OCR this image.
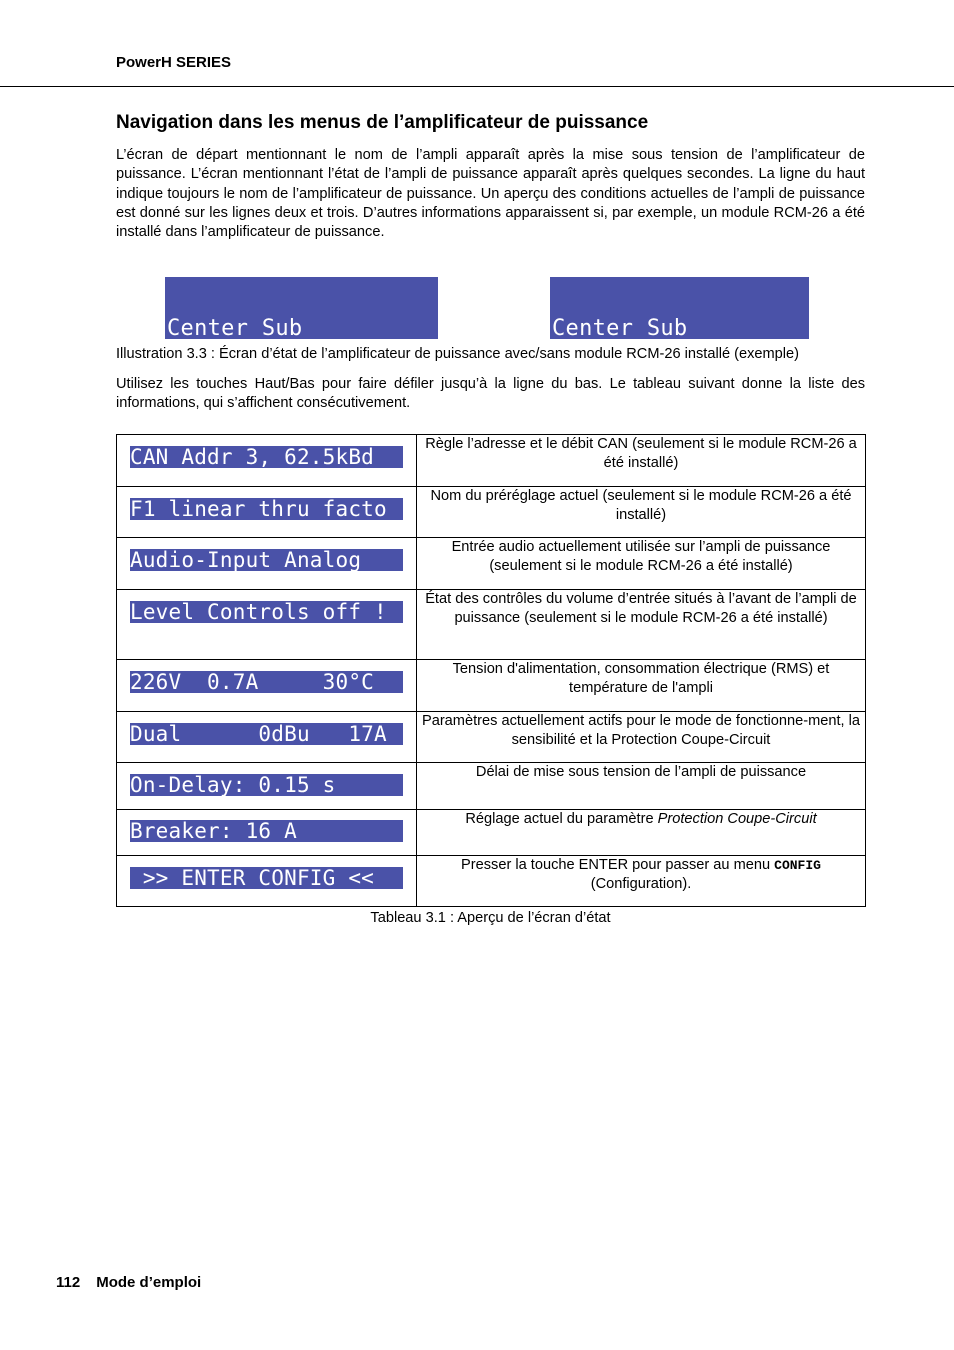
PowerH SERIES
Navigation dans les menus de l’amplificateur de puissance
L’écran de départ mentionnant le nom de l’ampli apparaît après la mise sous tension de l’amplificateur de puissance. L’écran mentionnant l’état de l’ampli de puissance apparaît après quelques secondes. La ligne du haut indique toujours le nom de l’amplificateur de puissance. Un aperçu des conditions actuelles de l’ampli de puissance est donné sur les lignes deux et trois. D’autres informations apparaissent si, par exemple, un module RCM-26 a été installé dans l’amplificateur de puissance.

Center Sub

	Center Sub

Illustration 3.3 : Écran d’état de l’amplificateur de puissance avec/sans module RCM-26 installé (exemple)
Utilisez les touches Haut/Bas pour faire défiler jusqu’à la ligne du bas. Le tableau suivant donne la liste des informations, qui s’affichent consécutivement.
CAN Addr 3, 62.5kBd	Règle l’adresse et le débit CAN (seulement si le module RCM-26 a été installé)

F1 linear thru facto	Nom du préréglage actuel (seulement si le module RCM-26 a été installé)

Audio-Input Analog	Entrée audio actuellement utilisée sur l’ampli de puissance (seulement si le module RCM-26 a été installé)

Level Controls off !	État des contrôles du volume d’entrée situés à l’avant de l’ampli de puissance (seulement si le module RCM-26 a été installé)

226V  0.7A     30°C	Tension d'alimentation, consommation électrique (RMS) et température de l'ampli

Dual      0dBu   17A	Paramètres actuellement actifs pour le mode de fonctionne-ment, la sensibilité et la Protection Coupe-Circuit

On-Delay: 0.15 s	Délai de mise sous tension de l’ampli de puissance

Breaker: 16 A	Réglage actuel du paramètre Protection Coupe-Circuit

>> ENTER CONFIG <<	Presser la touche ENTER pour passer au menu CONFIG
(Configuration).
Tableau 3.1 : Aperçu de l’écran d’état
112 Mode d’emploi
